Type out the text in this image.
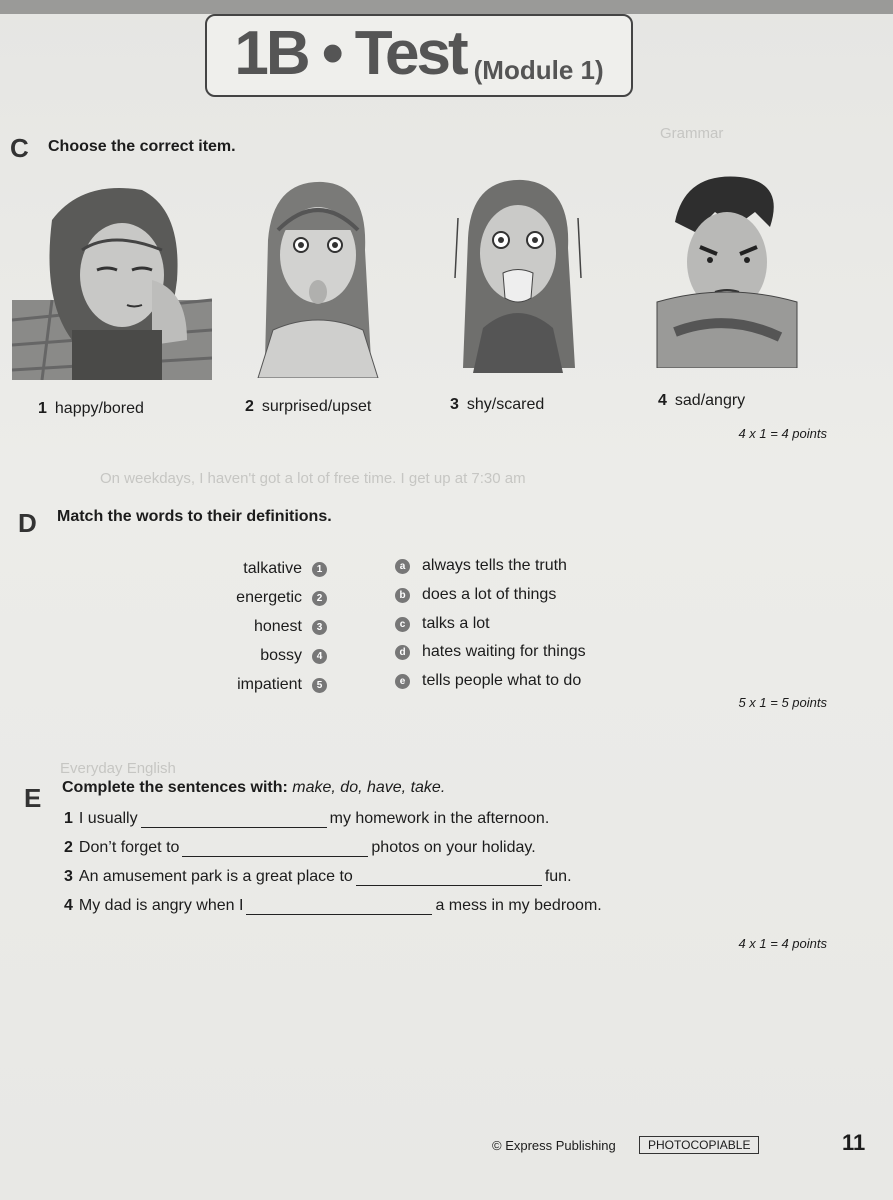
Grammar
On weekdays, I haven't got a lot of free time. I get up at 7:30 am
Everyday English
1B • Test (Module 1)
C Choose the correct item.
1 happy/bored	2 surprised/upset	3 shy/scared	4 sad/angry
4 x 1 = 4 points
D Match the words to their definitions.
talkative	1
energetic	2
honest	3
bossy	4
impatient	5
a always tells the truth
b does a lot of things
c talks a lot
d hates waiting for things
e tells people what to do
5 x 1 = 5 points
E Complete the sentences with: make, do, have, take.
1 I usually	my homework in the afternoon.
2 Don’t forget to	photos on your holiday.
3 An amusement park is a great place to	fun.
4 My dad is angry when I	a mess in my bedroom.
4 x 1 = 4 points
© Express Publishing	PHOTOCOPIABLE	11
